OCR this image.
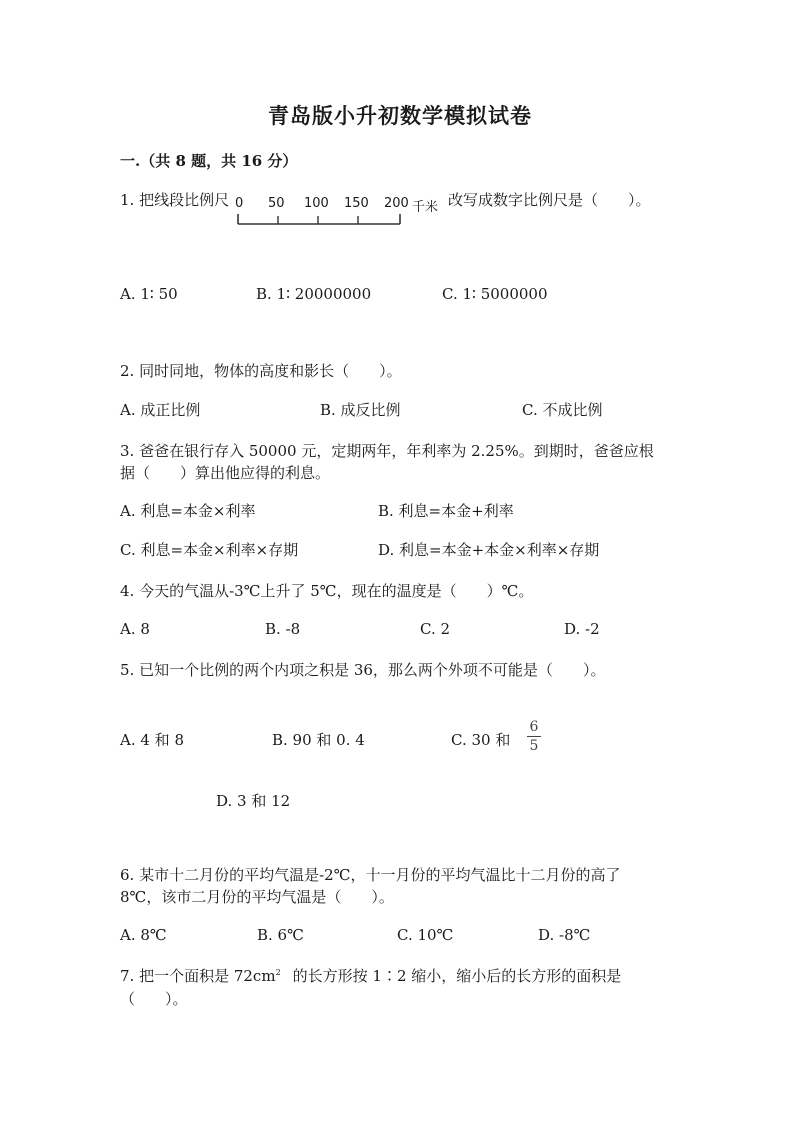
青岛版小升初数学模拟试卷
一.（共 8 题，共 16 分）
1. 把线段比例尺 0 50 100 150 200 千米 改写成数字比例尺是（　　）。
A. 1∶ 50	B. 1∶ 20000000	C. 1∶ 5000000
2. 同时同地，物体的高度和影长（　　）。
A. 成正比例	B. 成反比例	C. 不成比例
3. 爸爸在银行存入 50000 元，定期两年，年利率为 2.25%。到期时，爸爸应根
据（　　）算出他应得的利息。
A. 利息=本金×利率	B. 利息=本金+利率
C. 利息=本金×利率×存期	D. 利息=本金+本金×利率×存期
4. 今天的气温从-3℃上升了 5℃，现在的温度是（　　）℃。
A. 8	B. -8	C. 2	D. -2
5. 已知一个比例的两个内项之积是 36，那么两个外项不可能是（　　）。
A. 4 和 8	B. 90 和 0. 4	C. 30 和
6
5
D. 3 和 12
6. 某市十二月份的平均气温是-2℃，十一月份的平均气温比十二月份的高了
8℃，该市二月份的平均气温是（　　）。
A. 8℃	B. 6℃	C. 10℃	D. -8℃
7. 把一个面积是 $72cm^2$ 的长方形按 1∶2 缩小，缩小后的长方形的面积是
（　　）。
